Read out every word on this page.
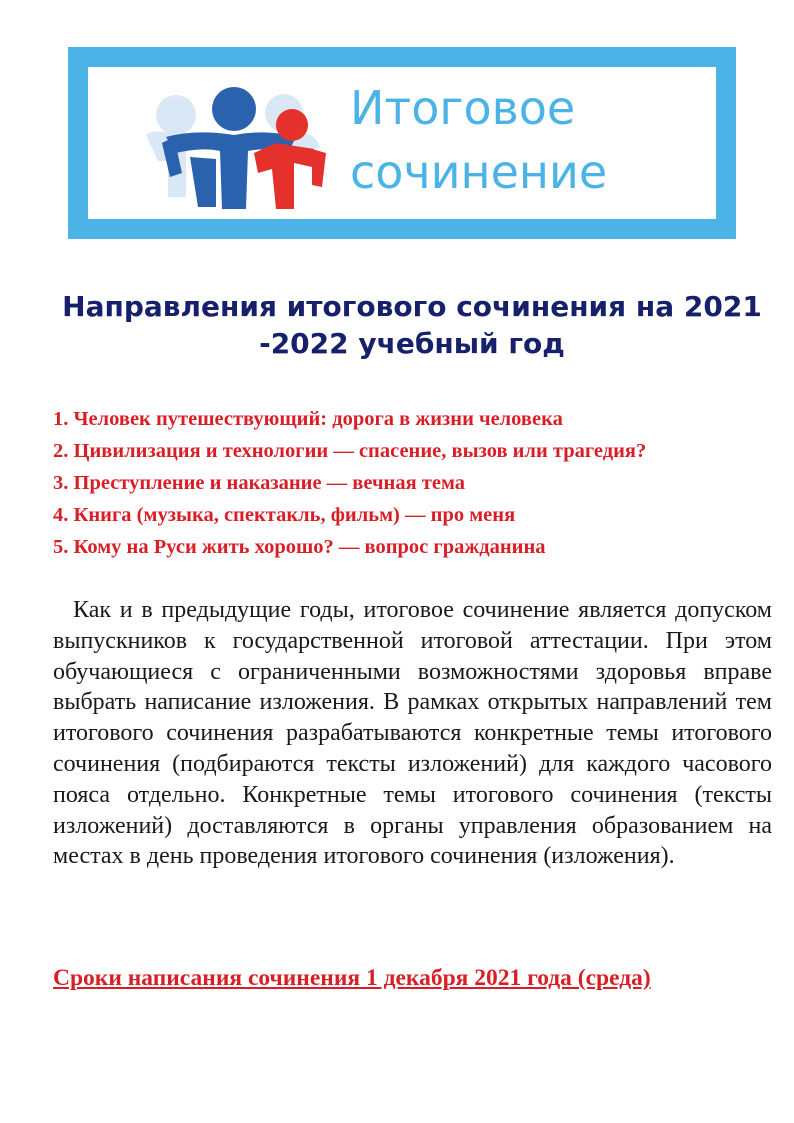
Итоговое
сочинение
Направления итогового сочинения на 2021 -2022 учебный год
1. Человек путешествующий: дорога в жизни человека
2. Цивилизация и технологии — спасение, вызов или трагедия?
3. Преступление и наказание — вечная тема
4. Книга (музыка, спектакль, фильм) — про меня
5. Кому на Руси жить хорошо? — вопрос гражданина

Как и в предыдущие годы, итоговое сочинение является допуском выпускников к государственной итоговой аттестации. При этом обучающиеся с ограниченными возможностями здоровья вправе выбрать написание изложения. В рамках открытых направлений тем итогового сочинения разрабатываются конкретные темы итогового сочинения (подбираются тексты изложений) для каждого часового пояса отдельно. Конкретные темы итогового сочинения (тексты изложений) доставляются в органы управления образованием на местах в день проведения итогового сочинения (изложения).

Сроки написания сочинения 1 декабря 2021 года (среда)
